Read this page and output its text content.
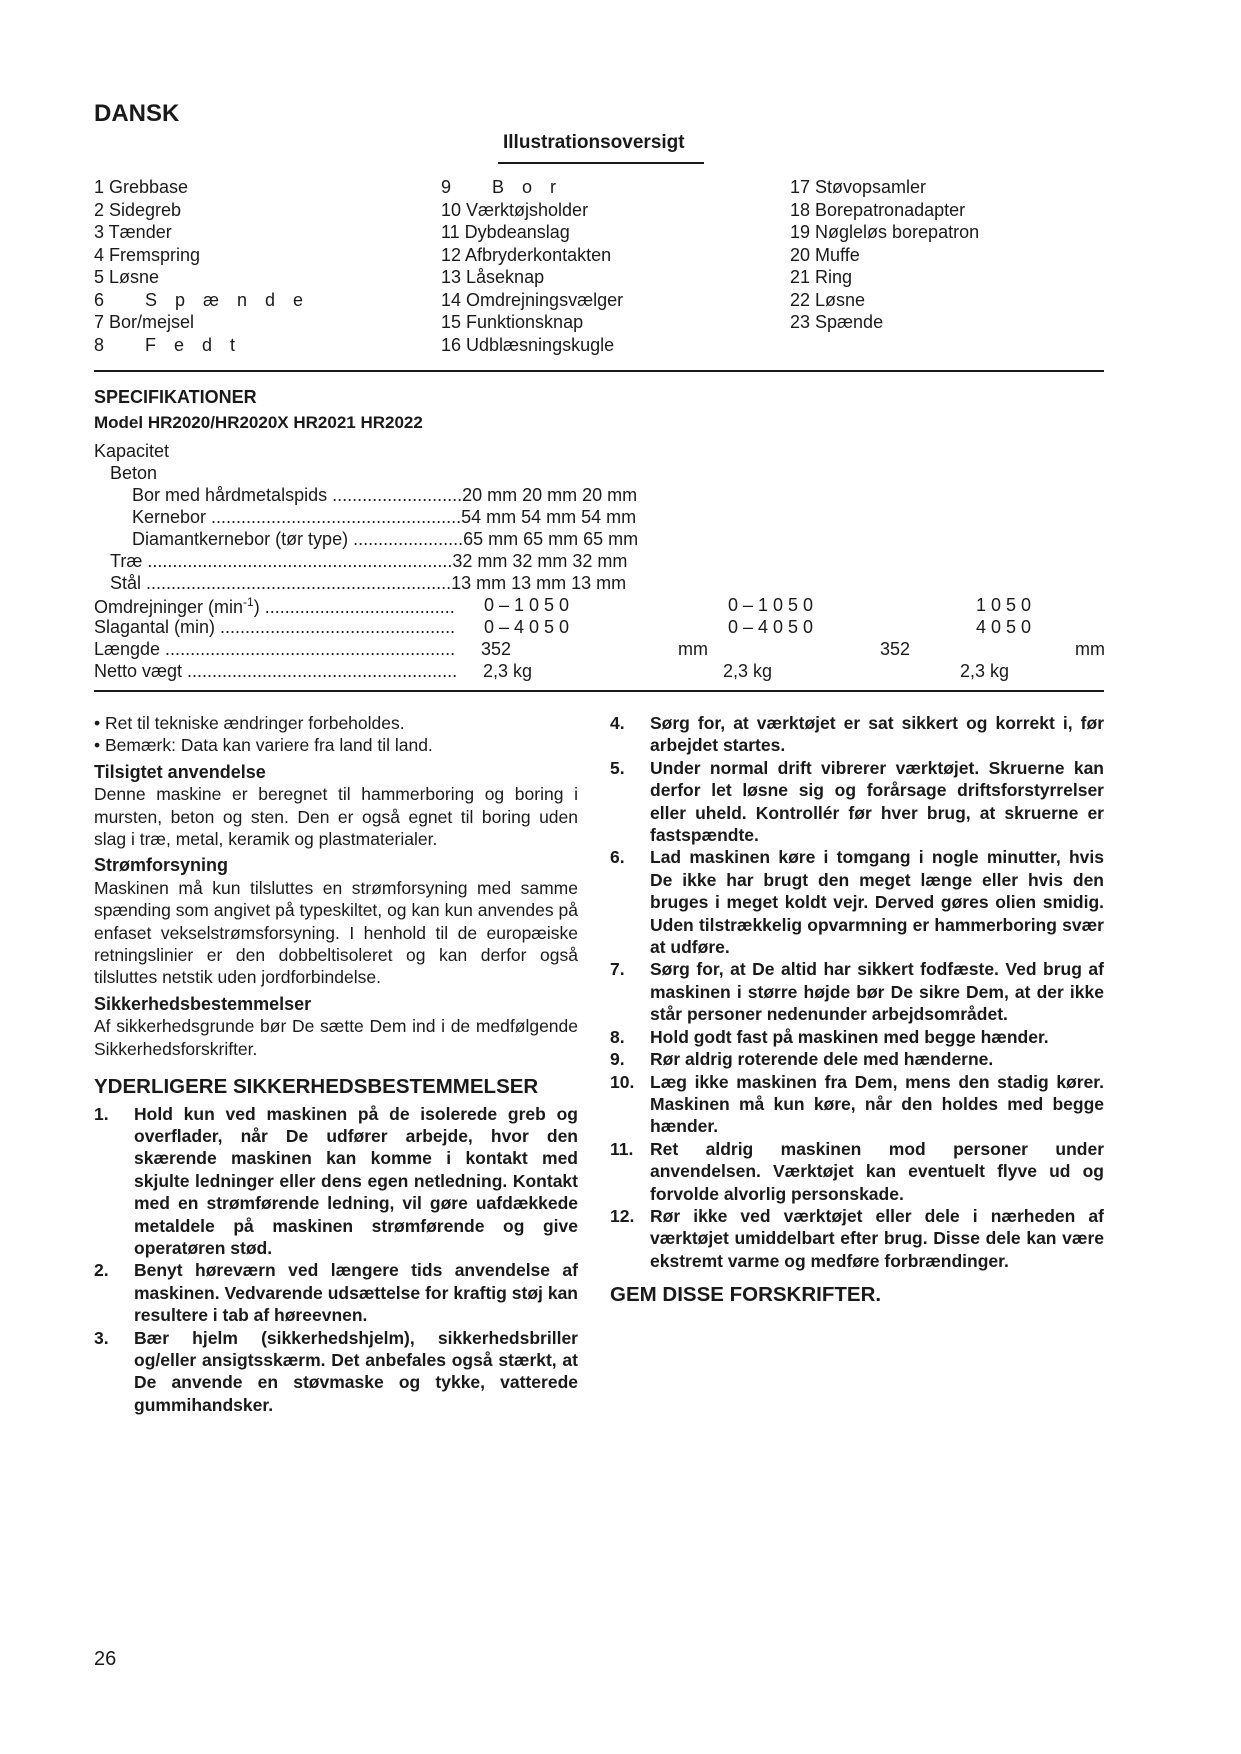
DANSK
Illustrationsoversigt
1 Grebbase
2 Sidegreb
3 Tænder
4 Fremspring
5 Løsne
6 Spænde
7 Bor/mejsel
8 Fedt
9 Bor
10 Værktøjsholder
11 Dybdeanslag
12 Afbryderkontakten
13 Låseknap
14 Omdrejningsvælger
15 Funktionsknap
16 Udblæsningskugle
17 Støvopsamler
18 Borepatronadapter
19 Nøgleløs borepatron
20 Muffe
21 Ring
22 Løsne
23 Spænde
SPECIFIKATIONER
Model HR2020/HR2020X HR2021 HR2022
Kapacitet
Beton
Bor med hårdmetalspids ..........................20 mm 20 mm 20 mm
Kernebor ..................................................54 mm 54 mm 54 mm
Diamantkernebor (tør type) ......................65 mm 65 mm 65 mm
Træ .............................................................32 mm 32 mm 32 mm
Stål .............................................................13 mm 13 mm 13 mm
Omdrejninger $(\min^{-1})$ ...................................... 0 – 1 0 5 0	0 – 1 0 5 0	1 0 5 0
Slagantal (min) ............................................... 0 – 4 0 5 0	0 – 4 0 5 0	4 0 5 0
Længde .......................................................... 352	mm	352	mm
Netto vægt ...................................................... 2,3 kg	2,3 kg	2,3 kg
• Ret til tekniske ændringer forbeholdes.
• Bemærk: Data kan variere fra land til land.
Tilsigtet anvendelse
Denne maskine er beregnet til hammerboring og boring i mursten, beton og sten. Den er også egnet til boring uden slag i træ, metal, keramik og plastmaterialer.
Strømforsyning
Maskinen må kun tilsluttes en strømforsyning med samme spænding som angivet på typeskiltet, og kan kun anvendes på enfaset vekselstrømsforsyning. I henhold til de europæiske retningslinier er den dobbeltisoleret og kan derfor også tilsluttes netstik uden jordforbindelse.
Sikkerhedsbestemmelser
Af sikkerhedsgrunde bør De sætte Dem ind i de medfølgende Sikkerhedsforskrifter.
YDERLIGERE SIKKERHEDSBESTEMMELSER
1.	Hold kun ved maskinen på de isolerede greb og overflader, når De udfører arbejde, hvor den skærende maskinen kan komme i kontakt med skjulte ledninger eller dens egen netledning. Kontakt med en strømførende ledning, vil gøre uafdækkede metaldele på maskinen strømførende og give operatøren stød.
2.	Benyt høreværn ved længere tids anvendelse af maskinen. Vedvarende udsættelse for kraftig støj kan resultere i tab af høreevnen.
3.	Bær hjelm (sikkerhedshjelm), sikkerhedsbriller og/eller ansigtsskærm. Det anbefales også stærkt, at De anvende en støvmaske og tykke, vatterede gummihandsker.
4.	Sørg for, at værktøjet er sat sikkert og korrekt i, før arbejdet startes.
5.	Under normal drift vibrerer værktøjet. Skruerne kan derfor let løsne sig og forårsage driftsforstyrrelser eller uheld. Kontrollér før hver brug, at skruerne er fastspændte.
6.	Lad maskinen køre i tomgang i nogle minutter, hvis De ikke har brugt den meget længe eller hvis den bruges i meget koldt vejr. Derved gøres olien smidig. Uden tilstrækkelig opvarmning er hammerboring svær at udføre.
7.	Sørg for, at De altid har sikkert fodfæste. Ved brug af maskinen i større højde bør De sikre Dem, at der ikke står personer nedenunder arbejdsområdet.
8.	Hold godt fast på maskinen med begge hænder.
9.	Rør aldrig roterende dele med hænderne.
10. Læg ikke maskinen fra Dem, mens den stadig kører. Maskinen må kun køre, når den holdes med begge hænder.
11. Ret aldrig maskinen mod personer under anvendelsen. Værktøjet kan eventuelt flyve ud og forvolde alvorlig personskade.
12. Rør ikke ved værktøjet eller dele i nærheden af værktøjet umiddelbart efter brug. Disse dele kan være ekstremt varme og medføre forbrændinger.
GEM DISSE FORSKRIFTER.
26
